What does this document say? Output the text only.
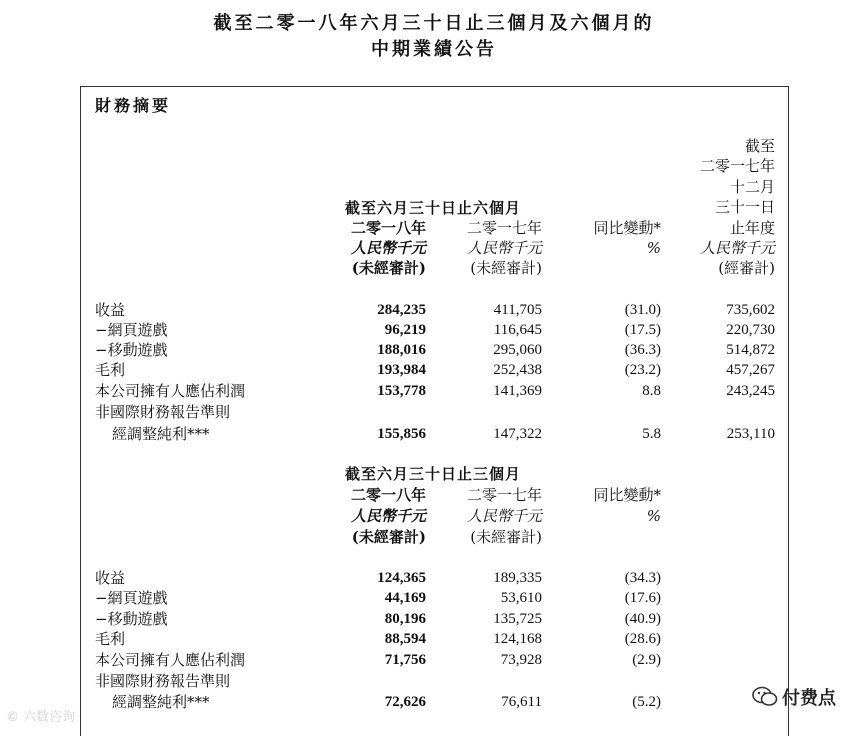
截至二零一八年六月三十日止三個月及六個月的
中期業績公告
財務摘要
截至六月三十日止六個月
二零一八年
人民幣千元
(未經審計)
二零一七年
人民幣千元
(未經審計)
同比變動*
%
截至
二零一七年
十二月
三十一日
止年度
人民幣千元
(經審計)
收益	284,235	411,705	(31.0)	735,602
−網頁遊戲	96,219	116,645	(17.5)	220,730
−移動遊戲	188,016	295,060	(36.3)	514,872
毛利	193,984	252,438	(23.2)	457,267
本公司擁有人應佔利潤	153,778	141,369	8.8	243,245
非國際財務報告準則
經調整純利***	155,856	147,322	5.8	253,110
截至六月三十日止三個月
二零一八年
人民幣千元
(未經審計)
二零一七年
人民幣千元
(未經審計)
同比變動*
%
收益	124,365	189,335	(34.3)
−網頁遊戲	44,169	53,610	(17.6)
−移動遊戲	80,196	135,725	(40.9)
毛利	88,594	124,168	(28.6)
本公司擁有人應佔利潤	71,756	73,928	(2.9)
非國際財務報告準則
經調整純利***	72,626	76,611	(5.2)
© 六数咨询
付费点
